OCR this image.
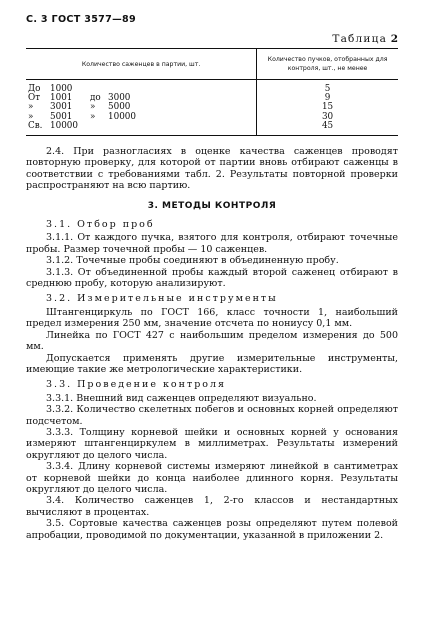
С. 3 ГОСТ 3577—89
Таблица 2
Количество саженцев в партии, шт.	Количество пучков, отобранных для контроля, шт., не менее

До 1000	5

От 1001 до 3000	9

» 3001 » 5000	15

» 5001 » 10000	30

Св. 10000	45

2.4. При разногласиях в оценке качества саженцев проводят повторную проверку, для которой от партии вновь отбирают саженцы в соответствии с требованиями табл. 2. Результаты повторной проверки распространяют на всю партию.

3. МЕТОДЫ КОНТРОЛЯ

3.1. Отбор проб

3.1.1. От каждого пучка, взятого для контроля, отбирают точечные пробы. Размер точечной пробы — 10 саженцев.

3.1.2. Точечные пробы соединяют в объединенную пробу.

3.1.3. От объединенной пробы каждый второй саженец отбирают в среднюю пробу, которую анализируют.

3.2. Измерительные инструменты

Штангенциркуль по ГОСТ 166, класс точности 1, наибольший предел измерения 250 мм, значение отсчета по нониусу 0,1 мм.

Линейка по ГОСТ 427 с наибольшим пределом измерения до 500 мм.

Допускается применять другие измерительные инструменты, имеющие такие же метрологические характеристики.

3.3. Проведение контроля

3.3.1. Внешний вид саженцев определяют визуально.

3.3.2. Количество скелетных побегов и основных корней определяют подсчетом.

3.3.3. Толщину корневой шейки и основных корней у основания измеряют штангенциркулем в миллиметрах. Результаты измерений округляют до целого числа.

3.3.4. Длину корневой системы измеряют линейкой в сантиметрах от корневой шейки до конца наиболее длинного корня. Результаты округляют до целого числа.

3.4. Количество саженцев 1, 2-го классов и нестандартных вычисляют в процентах.

3.5. Сортовые качества саженцев розы определяют путем полевой апробации, проводимой по документации, указанной в приложении 2.
